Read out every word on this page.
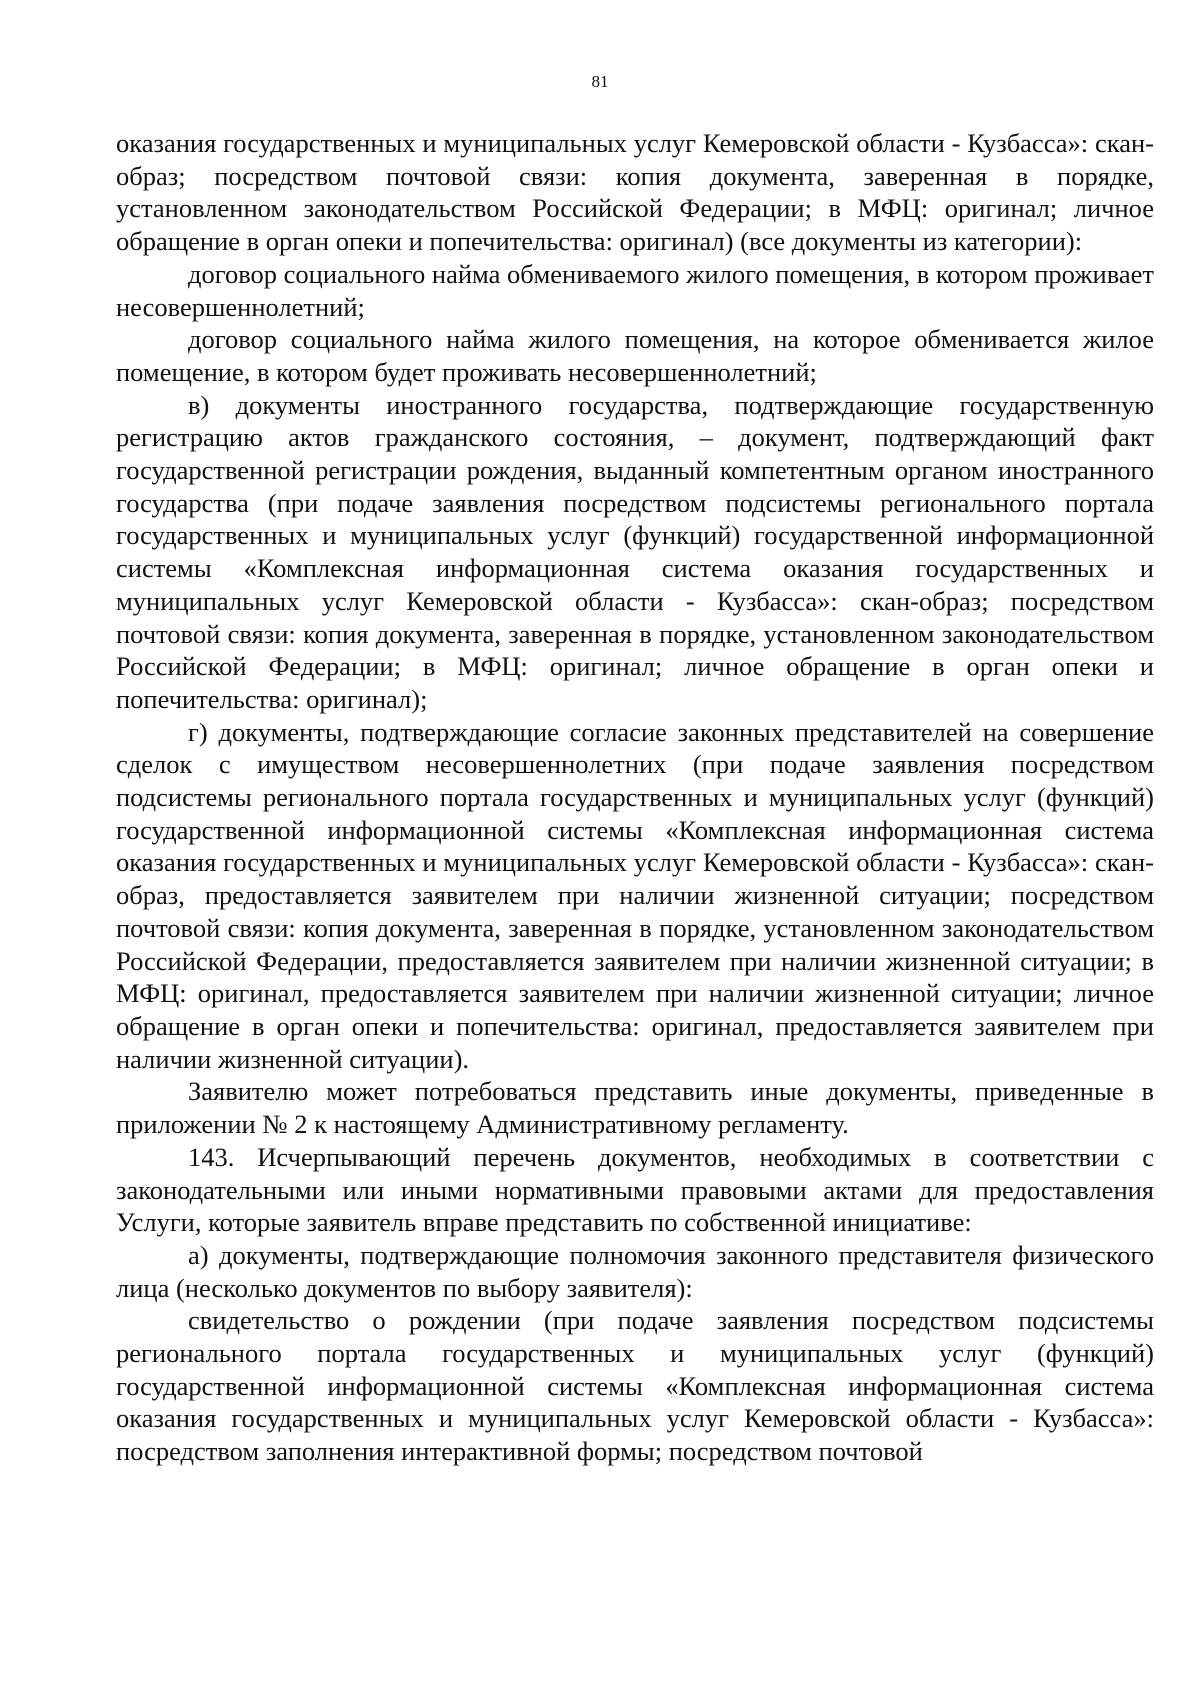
81

оказания государственных и муниципальных услуг Кемеровской области - Кузбасса»: скан-образ; посредством почтовой связи: копия документа, заверенная в порядке, установленном законодательством Российской Федерации; в МФЦ: оригинал; личное обращение в орган опеки и попечительства: оригинал) (все документы из категории):

договор социального найма обмениваемого жилого помещения, в котором проживает несовершеннолетний;

договор социального найма жилого помещения, на которое обменивается жилое помещение, в котором будет проживать несовершеннолетний;

в) документы иностранного государства, подтверждающие государственную регистрацию актов гражданского состояния, – документ, подтверждающий факт государственной регистрации рождения, выданный компетентным органом иностранного государства (при подаче заявления посредством подсистемы регионального портала государственных и муниципальных услуг (функций) государственной информационной системы «Комплексная информационная система оказания государственных и муниципальных услуг Кемеровской области - Кузбасса»: скан-образ; посредством почтовой связи: копия документа, заверенная в порядке, установленном законодательством Российской Федерации; в МФЦ: оригинал; личное обращение в орган опеки и попечительства: оригинал);

г) документы, подтверждающие согласие законных представителей на совершение сделок с имуществом несовершеннолетних (при подаче заявления посредством подсистемы регионального портала государственных и муниципальных услуг (функций) государственной информационной системы «Комплексная информационная система оказания государственных и муниципальных услуг Кемеровской области - Кузбасса»: скан-образ, предоставляется заявителем при наличии жизненной ситуации; посредством почтовой связи: копия документа, заверенная в порядке, установленном законодательством Российской Федерации, предоставляется заявителем при наличии жизненной ситуации; в МФЦ: оригинал, предоставляется заявителем при наличии жизненной ситуации; личное обращение в орган опеки и попечительства: оригинал, предоставляется заявителем при наличии жизненной ситуации).

Заявителю может потребоваться представить иные документы, приведенные в приложении № 2 к настоящему Административному регламенту.

143. Исчерпывающий перечень документов, необходимых в соответствии с законодательными или иными нормативными правовыми актами для предоставления Услуги, которые заявитель вправе представить по собственной инициативе:

а) документы, подтверждающие полномочия законного представителя физического лица (несколько документов по выбору заявителя):

свидетельство о рождении (при подаче заявления посредством подсистемы регионального портала государственных и муниципальных услуг (функций) государственной информационной системы «Комплексная информационная система оказания государственных и муниципальных услуг Кемеровской области - Кузбасса»: посредством заполнения интерактивной формы; посредством почтовой
